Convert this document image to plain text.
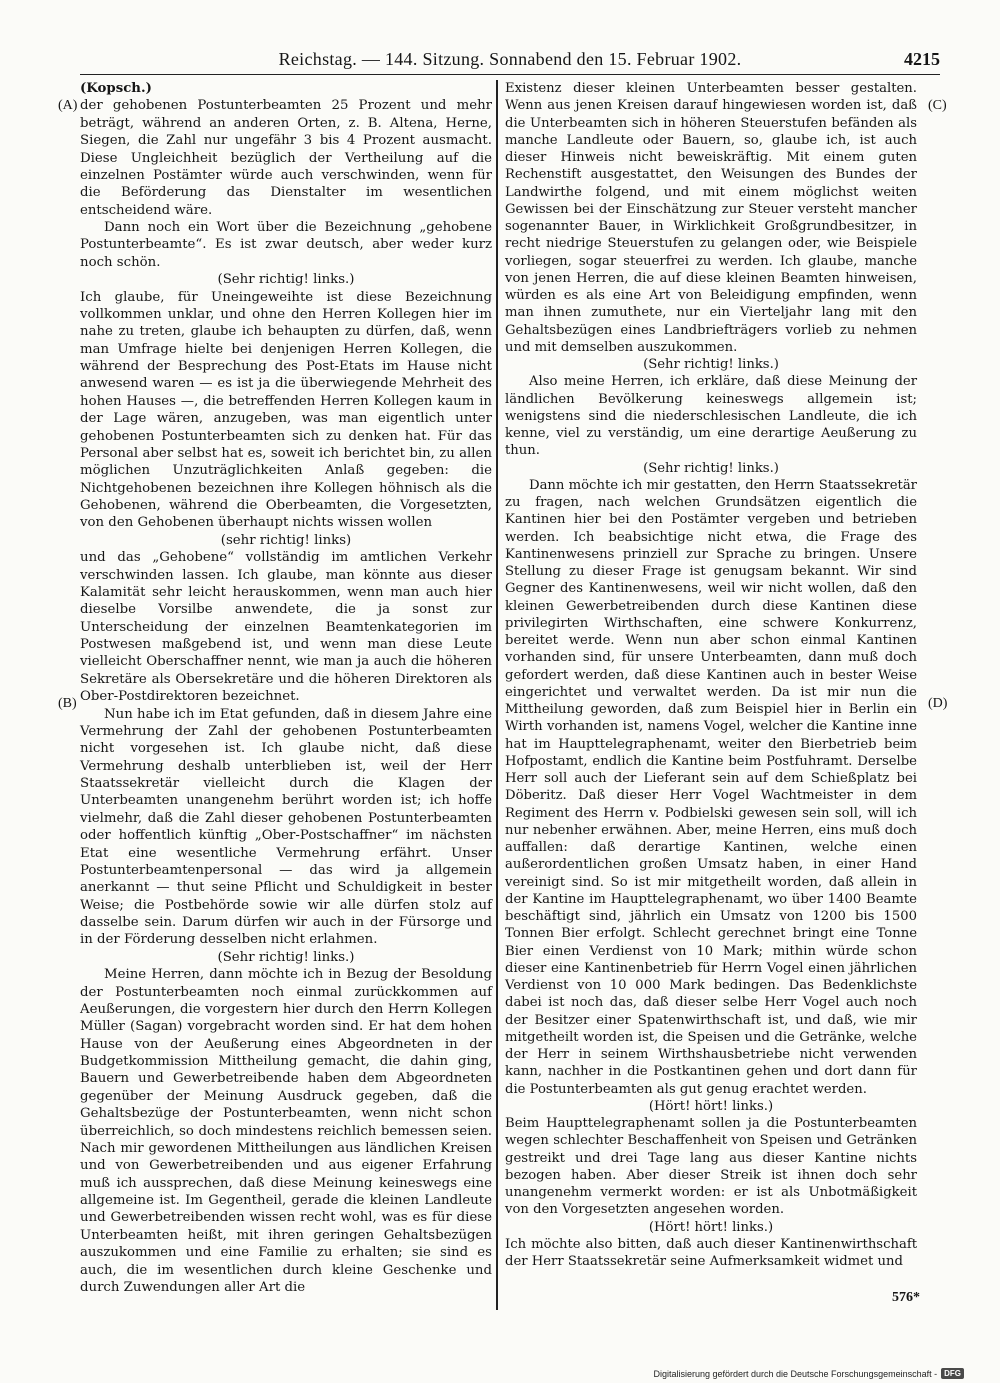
Reichstag. — 144. Sitzung. Sonnabend den 15. Februar 1902.	4215
(A)
(B)
(C)
(D)

(Kopsch.)

der gehobenen Postunterbeamten 25 Prozent und mehr beträgt, während an anderen Orten, z. B. Altena, Herne, Siegen, die Zahl nur ungefähr 3 bis 4 Prozent ausmacht. Diese Ungleichheit bezüglich der Vertheilung auf die einzelnen Postämter würde auch verschwinden, wenn für die Beförderung das Dienstalter im wesentlichen entscheidend wäre.

Dann noch ein Wort über die Bezeichnung „gehobene Postunterbeamte“. Es ist zwar deutsch, aber weder kurz noch schön.

(Sehr richtig! links.)

Ich glaube, für Uneingeweihte ist diese Bezeichnung vollkommen unklar, und ohne den Herren Kollegen hier im nahe zu treten, glaube ich behaupten zu dürfen, daß, wenn man Umfrage hielte bei denjenigen Herren Kollegen, die während der Besprechung des Post-Etats im Hause nicht anwesend waren — es ist ja die überwiegende Mehrheit des hohen Hauses —, die betreffenden Herren Kollegen kaum in der Lage wären, anzugeben, was man eigentlich unter gehobenen Postunterbeamten sich zu denken hat. Für das Personal aber selbst hat es, soweit ich berichtet bin, zu allen möglichen Unzuträglichkeiten Anlaß gegeben: die Nichtgehobenen bezeichnen ihre Kollegen höhnisch als die Gehobenen, während die Oberbeamten, die Vorgesetzten, von den Gehobenen überhaupt nichts wissen wollen

(sehr richtig! links)

und das „Gehobene“ vollständig im amtlichen Verkehr verschwinden lassen. Ich glaube, man könnte aus dieser Kalamität sehr leicht herauskommen, wenn man auch hier dieselbe Vorsilbe anwendete, die ja sonst zur Unterscheidung der einzelnen Beamtenkategorien im Postwesen maßgebend ist, und wenn man diese Leute vielleicht Oberschaffner nennt, wie man ja auch die höheren Sekretäre als Obersekretäre und die höheren Direktoren als Ober-Postdirektoren bezeichnet.

Nun habe ich im Etat gefunden, daß in diesem Jahre eine Vermehrung der Zahl der gehobenen Postunterbeamten nicht vorgesehen ist. Ich glaube nicht, daß diese Vermehrung deshalb unterblieben ist, weil der Herr Staatssekretär vielleicht durch die Klagen der Unterbeamten unangenehm berührt worden ist; ich hoffe vielmehr, daß die Zahl dieser gehobenen Postunterbeamten oder hoffentlich künftig „Ober-Postschaffner“ im nächsten Etat eine wesentliche Vermehrung erfährt. Unser Postunterbeamtenpersonal — das wird ja allgemein anerkannt — thut seine Pflicht und Schuldigkeit in bester Weise; die Postbehörde sowie wir alle dürfen stolz auf dasselbe sein. Darum dürfen wir auch in der Fürsorge und in der Förderung desselben nicht erlahmen.

(Sehr richtig! links.)

Meine Herren, dann möchte ich in Bezug der Besoldung der Postunterbeamten noch einmal zurückkommen auf Aeußerungen, die vorgestern hier durch den Herrn Kollegen Müller (Sagan) vorgebracht worden sind. Er hat dem hohen Hause von der Aeußerung eines Abgeordneten in der Budgetkommission Mittheilung gemacht, die dahin ging, Bauern und Gewerbetreibende haben dem Abgeordneten gegenüber der Meinung Ausdruck gegeben, daß die Gehaltsbezüge der Postunterbeamten, wenn nicht schon überreichlich, so doch mindestens reichlich bemessen seien. Nach mir gewordenen Mittheilungen aus ländlichen Kreisen und von Gewerbetreibenden und aus eigener Erfahrung muß ich aussprechen, daß diese Meinung keineswegs eine allgemeine ist. Im Gegentheil, gerade die kleinen Landleute und Gewerbetreibenden wissen recht wohl, was es für diese Unterbeamten heißt, mit ihren geringen Gehaltsbezügen auszukommen und eine Familie zu erhalten; sie sind es auch, die im wesentlichen durch kleine Geschenke und durch Zuwendungen aller Art die

Existenz dieser kleinen Unterbeamten besser gestalten. Wenn aus jenen Kreisen darauf hingewiesen worden ist, daß die Unterbeamten sich in höheren Steuerstufen befänden als manche Landleute oder Bauern, so, glaube ich, ist auch dieser Hinweis nicht beweiskräftig. Mit einem guten Rechenstift ausgestattet, den Weisungen des Bundes der Landwirthe folgend, und mit einem möglichst weiten Gewissen bei der Einschätzung zur Steuer versteht mancher sogenannter Bauer, in Wirklichkeit Großgrundbesitzer, in recht niedrige Steuerstufen zu gelangen oder, wie Beispiele vorliegen, sogar steuerfrei zu werden. Ich glaube, manche von jenen Herren, die auf diese kleinen Beamten hinweisen, würden es als eine Art von Beleidigung empfinden, wenn man ihnen zumuthete, nur ein Vierteljahr lang mit den Gehaltsbezügen eines Landbriefträgers vorlieb zu nehmen und mit demselben auszukommen.

(Sehr richtig! links.)

Also meine Herren, ich erkläre, daß diese Meinung der ländlichen Bevölkerung keineswegs allgemein ist; wenigstens sind die niederschlesischen Landleute, die ich kenne, viel zu verständig, um eine derartige Aeußerung zu thun.

(Sehr richtig! links.)

Dann möchte ich mir gestatten, den Herrn Staatssekretär zu fragen, nach welchen Grundsätzen eigentlich die Kantinen hier bei den Postämter vergeben und betrieben werden. Ich beabsichtige nicht etwa, die Frage des Kantinenwesens prinziell zur Sprache zu bringen. Unsere Stellung zu dieser Frage ist genugsam bekannt. Wir sind Gegner des Kantinenwesens, weil wir nicht wollen, daß den kleinen Gewerbetreibenden durch diese Kantinen diese privilegirten Wirthschaften, eine schwere Konkurrenz, bereitet werde. Wenn nun aber schon einmal Kantinen vorhanden sind, für unsere Unterbeamten, dann muß doch gefordert werden, daß diese Kantinen auch in bester Weise eingerichtet und verwaltet werden. Da ist mir nun die Mittheilung geworden, daß zum Beispiel hier in Berlin ein Wirth vorhanden ist, namens Vogel, welcher die Kantine inne hat im Haupttelegraphenamt, weiter den Bierbetrieb beim Hofpostamt, endlich die Kantine beim Postfuhramt. Derselbe Herr soll auch der Lieferant sein auf dem Schießplatz bei Döberitz. Daß dieser Herr Vogel Wachtmeister in dem Regiment des Herrn v. Podbielski gewesen sein soll, will ich nur nebenher erwähnen. Aber, meine Herren, eins muß doch auffallen: daß derartige Kantinen, welche einen außerordentlichen großen Umsatz haben, in einer Hand vereinigt sind. So ist mir mitgetheilt worden, daß allein in der Kantine im Haupttelegraphenamt, wo über 1400 Beamte beschäftigt sind, jährlich ein Umsatz von 1200 bis 1500 Tonnen Bier erfolgt. Schlecht gerechnet bringt eine Tonne Bier einen Verdienst von 10 Mark; mithin würde schon dieser eine Kantinenbetrieb für Herrn Vogel einen jährlichen Verdienst von 10 000 Mark bedingen. Das Bedenklichste dabei ist noch das, daß dieser selbe Herr Vogel auch noch der Besitzer einer Spatenwirthschaft ist, und daß, wie mir mitgetheilt worden ist, die Speisen und die Getränke, welche der Herr in seinem Wirthshausbetriebe nicht verwenden kann, nachher in die Postkantinen gehen und dort dann für die Postunterbeamten als gut genug erachtet werden.

(Hört! hört! links.)

Beim Haupttelegraphenamt sollen ja die Postunterbeamten wegen schlechter Beschaffenheit von Speisen und Getränken gestreikt und drei Tage lang aus dieser Kantine nichts bezogen haben. Aber dieser Streik ist ihnen doch sehr unangenehm vermerkt worden: er ist als Unbotmäßigkeit von den Vorgesetzten angesehen worden.

(Hört! hört! links.)

Ich möchte also bitten, daß auch dieser Kantinenwirthschaft der Herr Staatssekretär seine Aufmerksamkeit widmet und

576*
Digitalisierung gefördert durch die Deutsche Forschungsgemeinschaft - DFG
